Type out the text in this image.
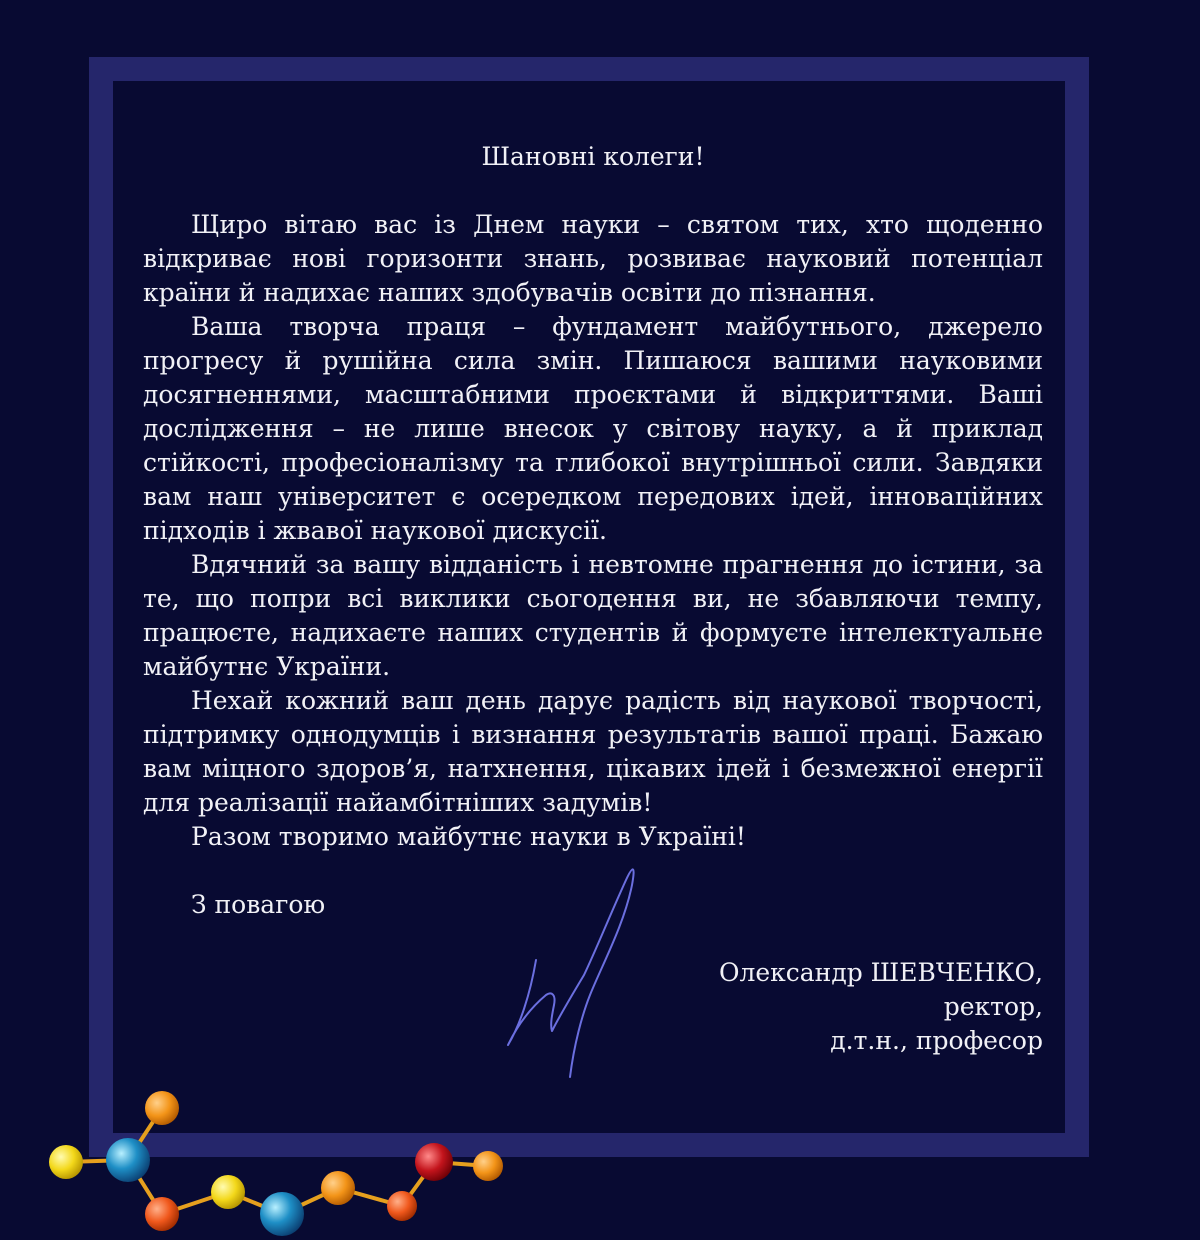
Шановні колеги!

Щиро вітаю вас із Днем науки – святом тих, хто щоденно відкриває нові горизонти знань, розвиває науковий потенціал країни й надихає наших здобувачів освіти до пізнання.

Ваша творча праця – фундамент майбутнього, джерело прогресу й рушійна сила змін. Пишаюся вашими науковими досягненнями, масштабними проєктами й відкриттями. Ваші дослідження – не лише внесок у світову науку, а й приклад стійкості, професіоналізму та глибокої внутрішньої сили. Завдяки вам наш університет є осередком передових ідей, інноваційних підходів і жвавої наукової дискусії.

Вдячний за вашу відданість і невтомне прагнення до істини, за те, що попри всі виклики сьогодення ви, не збавляючи темпу, працюєте, надихаєте наших студентів й формуєте інтелектуальне майбутнє України.

Нехай кожний ваш день дарує радість від наукової творчості, підтримку однодумців і визнання результатів вашої праці. Бажаю вам міцного здоров’я, натхнення, цікавих ідей і безмежної енергії для реалізації найамбітніших задумів!

Разом творимо майбутнє науки в Україні!

З повагою

Олександр ШЕВЧЕНКО,
ректор,
д.т.н., професор
